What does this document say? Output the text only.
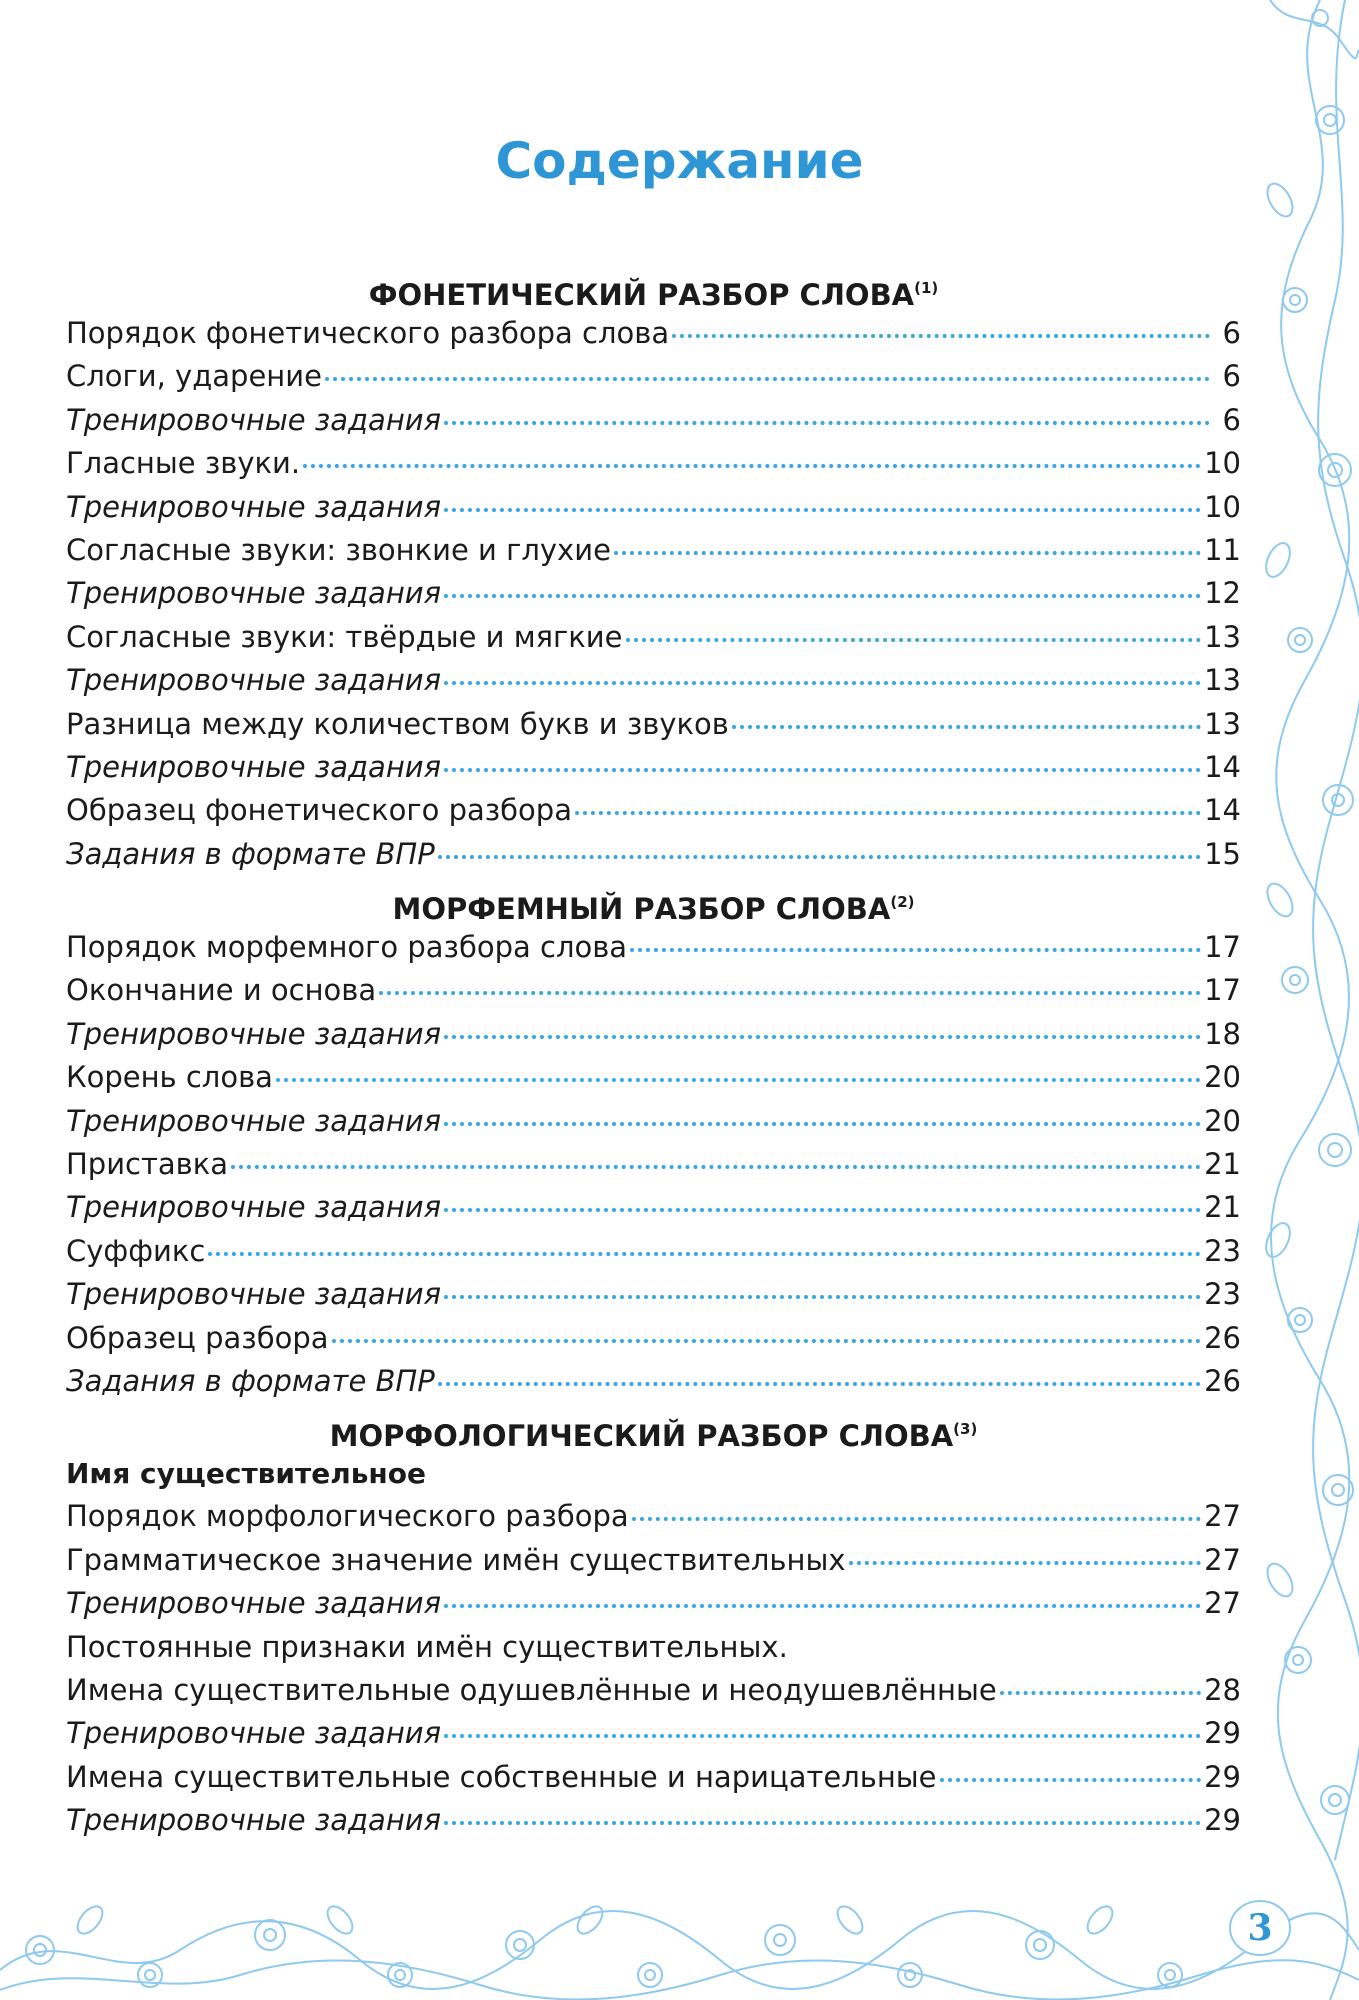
Содержание
ФОНЕТИЧЕСКИЙ РАЗБОР СЛОВА$^{(1)}$
Порядок фонетического разбора слова	6
Слоги, ударение	6
Тренировочные задания	6
Гласные звуки.	10
Тренировочные задания	10
Согласные звуки: звонкие и глухие	11
Тренировочные задания	12
Согласные звуки: твёрдые и мягкие	13
Тренировочные задания	13
Разница между количеством букв и звуков	13
Тренировочные задания	14
Образец фонетического разбора	14
Задания в формате ВПР	15
МОРФЕМНЫЙ РАЗБОР СЛОВА$^{(2)}$
Порядок морфемного разбора слова	17
Окончание и основа	17
Тренировочные задания	18
Корень слова	20
Тренировочные задания	20
Приставка	21
Тренировочные задания	21
Суффикс	23
Тренировочные задания	23
Образец разбора	26
Задания в формате ВПР	26
МОРФОЛОГИЧЕСКИЙ РАЗБОР СЛОВА$^{(3)}$
Имя существительное
Порядок морфологического разбора	27
Грамматическое значение имён существительных	27
Тренировочные задания	27
Постоянные признаки имён существительных.
Имена существительные одушевлённые и неодушевлённые	28
Тренировочные задания	29
Имена существительные собственные и нарицательные	29
Тренировочные задания	29
3
